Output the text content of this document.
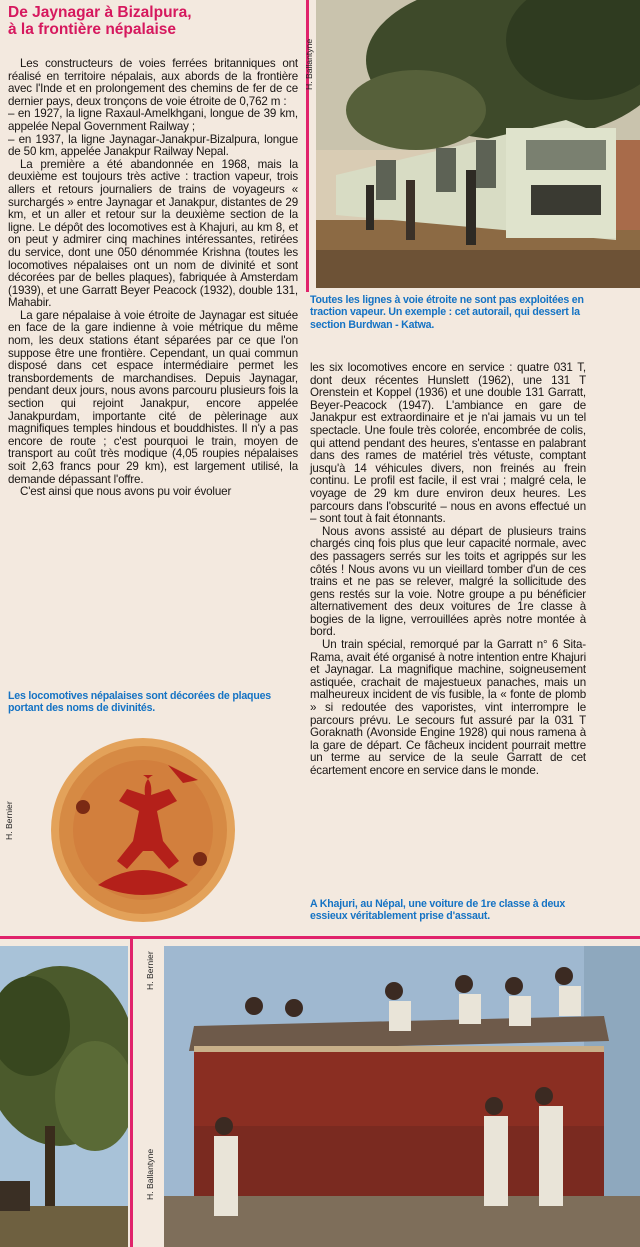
De Jaynagar à Bizalpura,
à la frontière népalaise

Les constructeurs de voies ferrées britanniques ont réalisé en territoire népalais, aux abords de la frontière avec l'Inde et en prolongement des chemins de fer de ce dernier pays, deux tronçons de voie étroite de 0,762 m :

– en 1927, la ligne Raxaul-Amelkhgani, longue de 39 km, appelée Nepal Government Railway ;

– en 1937, la ligne Jaynagar-Janakpur-Bizalpura, longue de 50 km, appelée Janakpur Railway Nepal.

La première a été abandonnée en 1968, mais la deuxième est toujours très active : traction vapeur, trois allers et retours journaliers de trains de voyageurs « surchargés » entre Jaynagar et Janakpur, distantes de 29 km, et un aller et retour sur la deuxième section de la ligne. Le dépôt des locomotives est à Khajuri, au km 8, et on peut y admirer cinq machines intéressantes, retirées du service, dont une 050 dénommée Krishna (toutes les locomotives népalaises ont un nom de divinité et sont décorées par de belles plaques), fabriquée à Amsterdam (1939), et une Garratt Beyer Peacock (1932), double 131, Mahabir.

La gare népalaise à voie étroite de Jaynagar est située en face de la gare indienne à voie métrique du même nom, les deux stations étant séparées par ce que l'on suppose être une frontière. Cependant, un quai commun disposé dans cet espace intermédiaire permet les transbordements de marchandises. Depuis Jaynagar, pendant deux jours, nous avons parcouru plusieurs fois la section qui rejoint Janakpur, encore appelée Janakpurdam, importante cité de pèlerinage aux magnifiques temples hindous et bouddhistes. Il n'y a pas encore de route ; c'est pourquoi le train, moyen de transport au coût très modique (4,05 roupies népalaises soit 2,63 francs pour 29 km), est largement utilisé, la demande dépassant l'offre.

C'est ainsi que nous avons pu voir évoluer

H. Ballantyne
Toutes les lignes à voie étroite ne sont pas exploitées en traction vapeur. Un exemple : cet autorail, qui dessert la section Burdwan - Katwa.

les six locomotives encore en service : quatre 031 T, dont deux récentes Hunslett (1962), une 131 T Orenstein et Koppel (1936) et une double 131 Garratt, Beyer-Peacock (1947). L'ambiance en gare de Janakpur est extraordinaire et je n'ai jamais vu un tel spectacle. Une foule très colorée, encombrée de colis, qui attend pendant des heures, s'entasse en palabrant dans des rames de matériel très vétuste, comptant jusqu'à 14 véhicules divers, non freinés au frein continu. Le profil est facile, il est vrai ; malgré cela, le voyage de 29 km dure environ deux heures. Les parcours dans l'obscurité – nous en avons effectué un – sont tout à fait étonnants.

Nous avons assisté au départ de plusieurs trains chargés cinq fois plus que leur capacité normale, avec des passagers serrés sur les toits et agrippés sur les côtés ! Nous avons vu un vieillard tomber d'un de ces trains et ne pas se relever, malgré la sollicitude des gens restés sur la voie. Notre groupe a pu bénéficier alternativement des deux voitures de 1re classe à bogies de la ligne, verrouillées après notre montée à bord.

Un train spécial, remorqué par la Garratt n° 6 Sita-Rama, avait été organisé à notre intention entre Khajuri et Jaynagar. La magnifique machine, soigneusement astiquée, crachait de majestueux panaches, mais un malheureux incident de vis fusible, la « fonte de plomb » si redoutée des vaporistes, vint interrompre le parcours prévu. Le secours fut assuré par la 031 T Goraknath (Avonside Engine 1928) qui nous ramena à la gare de départ. Ce fâcheux incident pourrait mettre un terme au service de la seule Garratt de cet écartement encore en service dans le monde.

A Khajuri, au Népal, une voiture de 1re classe à deux essieux véritablement prise d'assaut.
Les locomotives népalaises sont décorées de plaques portant des noms de divinités.
H. Bernier
H. Bernier
H. Ballantyne
